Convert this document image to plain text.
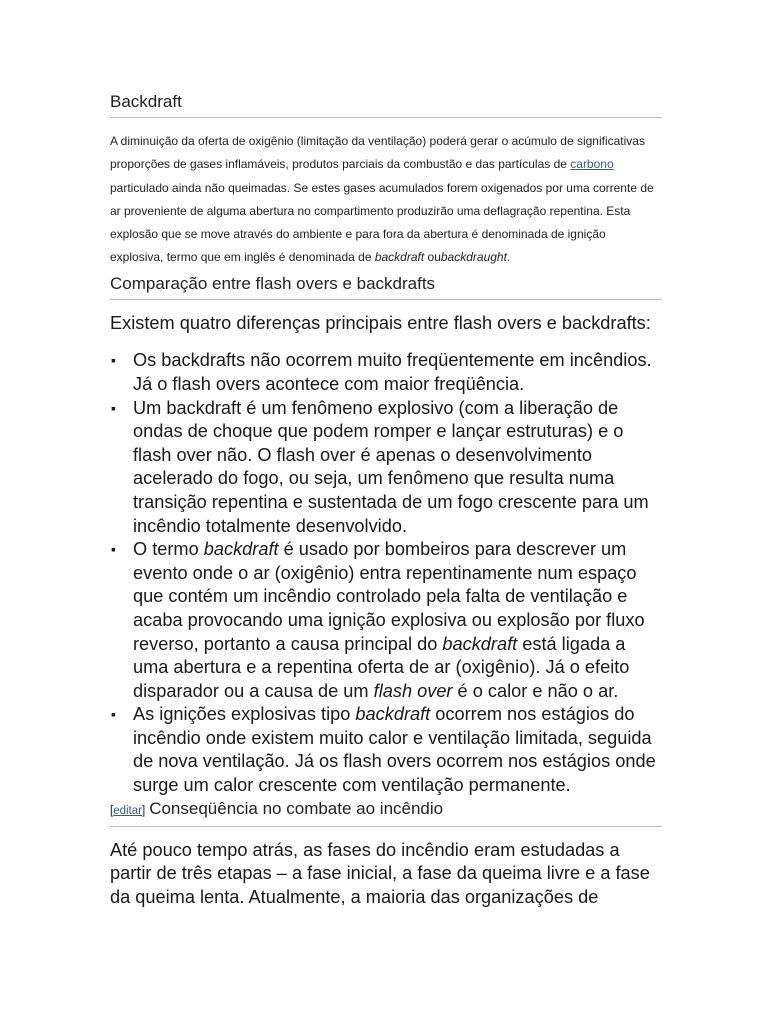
Backdraft
A diminuição da oferta de oxigênio (limitação da ventilação) poderá gerar o acúmulo de significativas proporções de gases inflamáveis, produtos parciais da combustão e das partículas de carbono particulado ainda não queimadas. Se estes gases acumulados forem oxigenados por uma corrente de ar proveniente de alguma abertura no compartimento produzirão uma deflagração repentina. Esta explosão que se move através do ambiente e para fora da abertura é denominada de ignição explosiva, termo que em inglês é denominada de backdraft oubackdraught.
Comparação entre flash overs e backdrafts
Existem quatro diferenças principais entre flash overs e backdrafts:
▪ Os backdrafts não ocorrem muito freqüentemente em incêndios. Já o flash overs acontece com maior freqüência.
▪ Um backdraft é um fenômeno explosivo (com a liberação de ondas de choque que podem romper e lançar estruturas) e o flash over não. O flash over é apenas o desenvolvimento acelerado do fogo, ou seja, um fenômeno que resulta numa transição repentina e sustentada de um fogo crescente para um incêndio totalmente desenvolvido.
▪ O termo backdraft é usado por bombeiros para descrever um evento onde o ar (oxigênio) entra repentinamente num espaço que contém um incêndio controlado pela falta de ventilação e acaba provocando uma ignição explosiva ou explosão por fluxo reverso, portanto a causa principal do backdraft está ligada a uma abertura e a repentina oferta de ar (oxigênio). Já o efeito disparador ou a causa de um flash over é o calor e não o ar.
▪ As ignições explosivas tipo backdraft ocorrem nos estágios do incêndio onde existem muito calor e ventilação limitada, seguida de nova ventilação. Já os flash overs ocorrem nos estágios onde surge um calor crescente com ventilação permanente.
[editar] Conseqüência no combate ao incêndio
Até pouco tempo atrás, as fases do incêndio eram estudadas a partir de três etapas – a fase inicial, a fase da queima livre e a fase da queima lenta. Atualmente, a maioria das organizações de
